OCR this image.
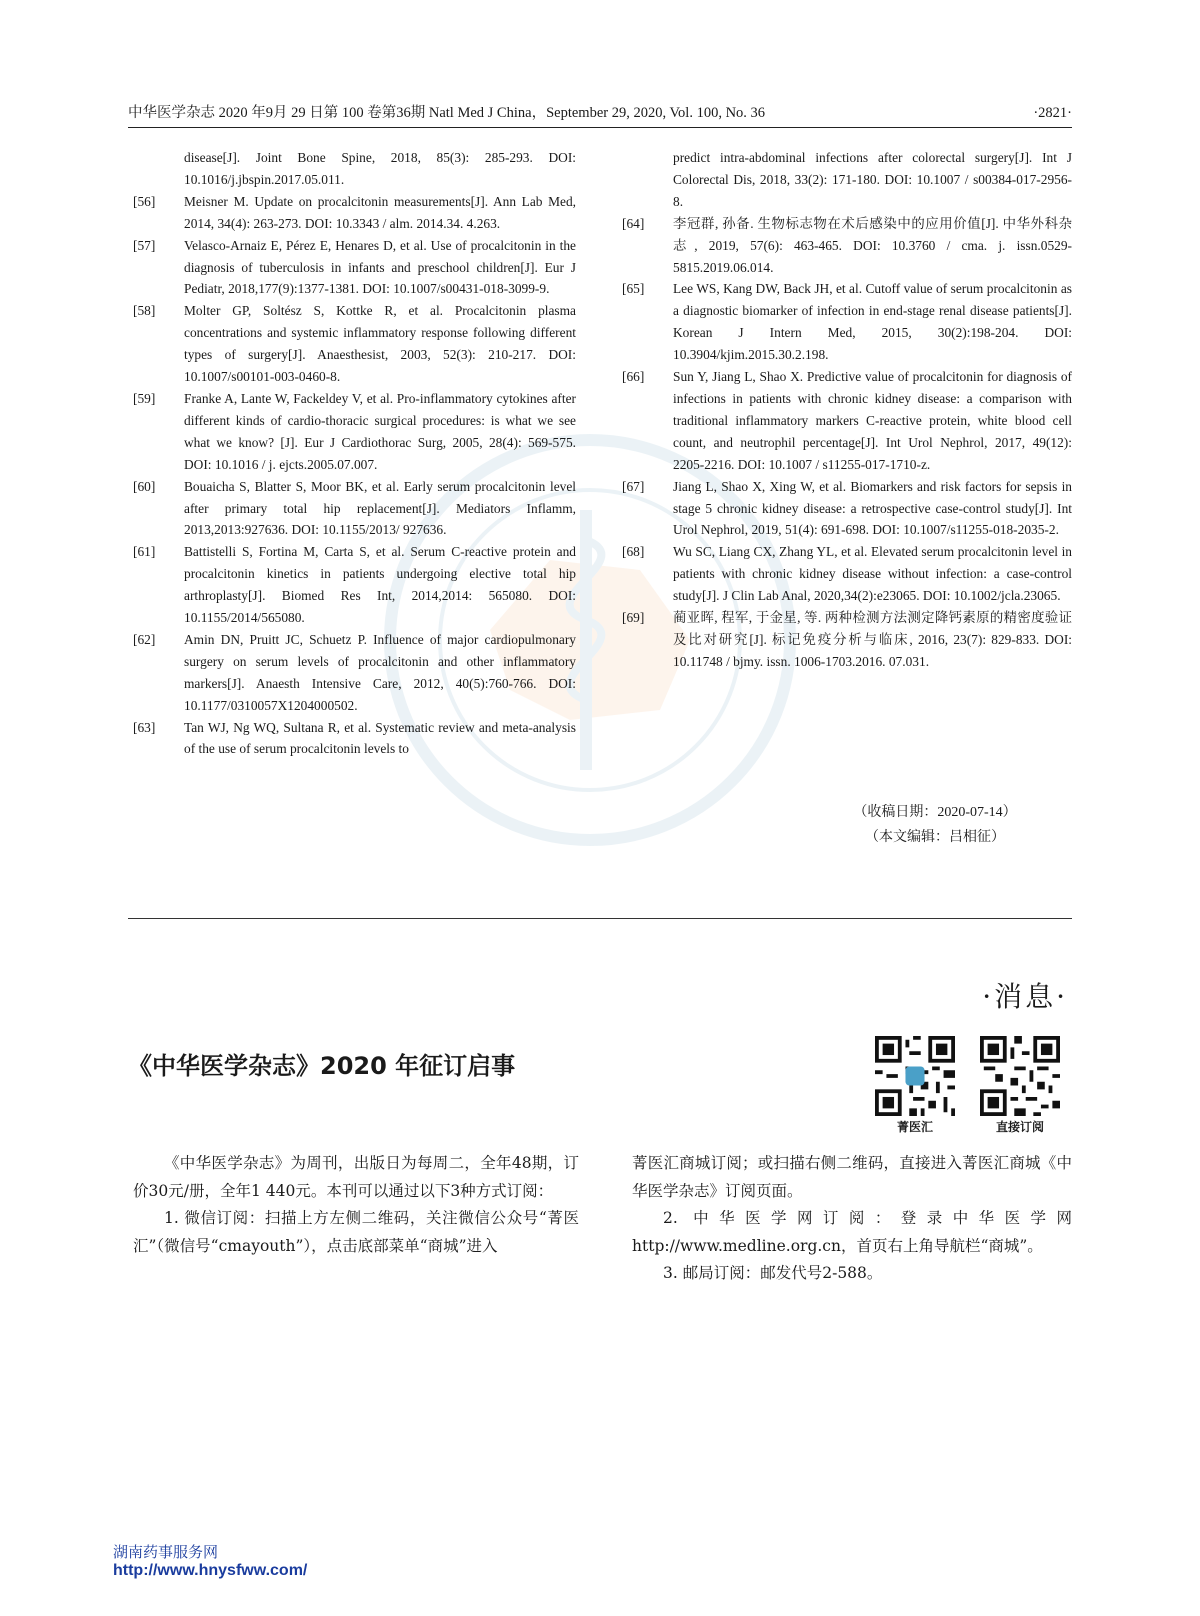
中华医学杂志 2020 年9月 29 日第 100 卷第36期 Natl Med J China，September 29, 2020, Vol. 100, No. 36	·2821·
disease[J]. Joint Bone Spine, 2018, 85(3): 285-293. DOI: 10.1016/j.jbspin.2017.05.011.
[56] Meisner M. Update on procalcitonin measurements[J]. Ann Lab Med, 2014, 34(4): 263-273. DOI: 10.3343 / alm. 2014.34. 4.263.
[57] Velasco-Arnaiz E, Pérez E, Henares D, et al. Use of procalcitonin in the diagnosis of tuberculosis in infants and preschool children[J]. Eur J Pediatr, 2018,177(9):1377-1381. DOI: 10.1007/s00431-018-3099-9.
[58] Molter GP, Soltész S, Kottke R, et al. Procalcitonin plasma concentrations and systemic inflammatory response following different types of surgery[J]. Anaesthesist, 2003, 52(3): 210-217. DOI: 10.1007/s00101-003-0460-8.
[59] Franke A, Lante W, Fackeldey V, et al. Pro-inflammatory cytokines after different kinds of cardio-thoracic surgical procedures: is what we see what we know? [J]. Eur J Cardiothorac Surg, 2005, 28(4): 569-575. DOI: 10.1016 / j. ejcts.2005.07.007.
[60] Bouaicha S, Blatter S, Moor BK, et al. Early serum procalcitonin level after primary total hip replacement[J]. Mediators Inflamm, 2013,2013:927636. DOI: 10.1155/2013/ 927636.
[61] Battistelli S, Fortina M, Carta S, et al. Serum C-reactive protein and procalcitonin kinetics in patients undergoing elective total hip arthroplasty[J]. Biomed Res Int, 2014,2014: 565080. DOI: 10.1155/2014/565080.
[62] Amin DN, Pruitt JC, Schuetz P. Influence of major cardiopulmonary surgery on serum levels of procalcitonin and other inflammatory markers[J]. Anaesth Intensive Care, 2012, 40(5):760-766. DOI: 10.1177/0310057X1204000502.
[63] Tan WJ, Ng WQ, Sultana R, et al. Systematic review and meta-analysis of the use of serum procalcitonin levels to
predict intra-abdominal infections after colorectal surgery[J]. Int J Colorectal Dis, 2018, 33(2): 171-180. DOI: 10.1007 / s00384-017-2956-8.
[64] 李冠群, 孙备. 生物标志物在术后感染中的应用价值[J]. 中华外科杂志, 2019, 57(6): 463-465. DOI: 10.3760 / cma. j. issn.0529-5815.2019.06.014.
[65] Lee WS, Kang DW, Back JH, et al. Cutoff value of serum procalcitonin as a diagnostic biomarker of infection in end-stage renal disease patients[J]. Korean J Intern Med, 2015, 30(2):198-204. DOI: 10.3904/kjim.2015.30.2.198.
[66] Sun Y, Jiang L, Shao X. Predictive value of procalcitonin for diagnosis of infections in patients with chronic kidney disease: a comparison with traditional inflammatory markers C-reactive protein, white blood cell count, and neutrophil percentage[J]. Int Urol Nephrol, 2017, 49(12): 2205-2216. DOI: 10.1007 / s11255-017-1710-z.
[67] Jiang L, Shao X, Xing W, et al. Biomarkers and risk factors for sepsis in stage 5 chronic kidney disease: a retrospective case-control study[J]. Int Urol Nephrol, 2019, 51(4): 691-698. DOI: 10.1007/s11255-018-2035-2.
[68] Wu SC, Liang CX, Zhang YL, et al. Elevated serum procalcitonin level in patients with chronic kidney disease without infection: a case-control study[J]. J Clin Lab Anal, 2020,34(2):e23065. DOI: 10.1002/jcla.23065.
[69] 蔺亚晖, 程军, 于金星, 等. 两种检测方法测定降钙素原的精密度验证及比对研究[J]. 标记免疫分析与临床, 2016, 23(7): 829-833. DOI: 10.11748 / bjmy. issn. 1006-1703.2016. 07.031.
（收稿日期：2020-07-14）
（本文编辑：吕相征）
·消息·
《中华医学杂志》2020 年征订启事
菁医汇	直接订阅

《中华医学杂志》为周刊，出版日为每周二，全年48期，订价30元/册，全年1 440元。本刊可以通过以下3种方式订阅：

1. 微信订阅：扫描上方左侧二维码，关注微信公众号“菁医汇”（微信号“cmayouth”），点击底部菜单“商城”进入

菁医汇商城订阅；或扫描右侧二维码，直接进入菁医汇商城《中华医学杂志》订阅页面。

2. 中华医学网订阅：登录中华医学网 http://www.medline.org.cn，首页右上角导航栏“商城”。

3. 邮局订阅：邮发代号2-588。

湖南药事服务网
http://www.hnysfww.com/
